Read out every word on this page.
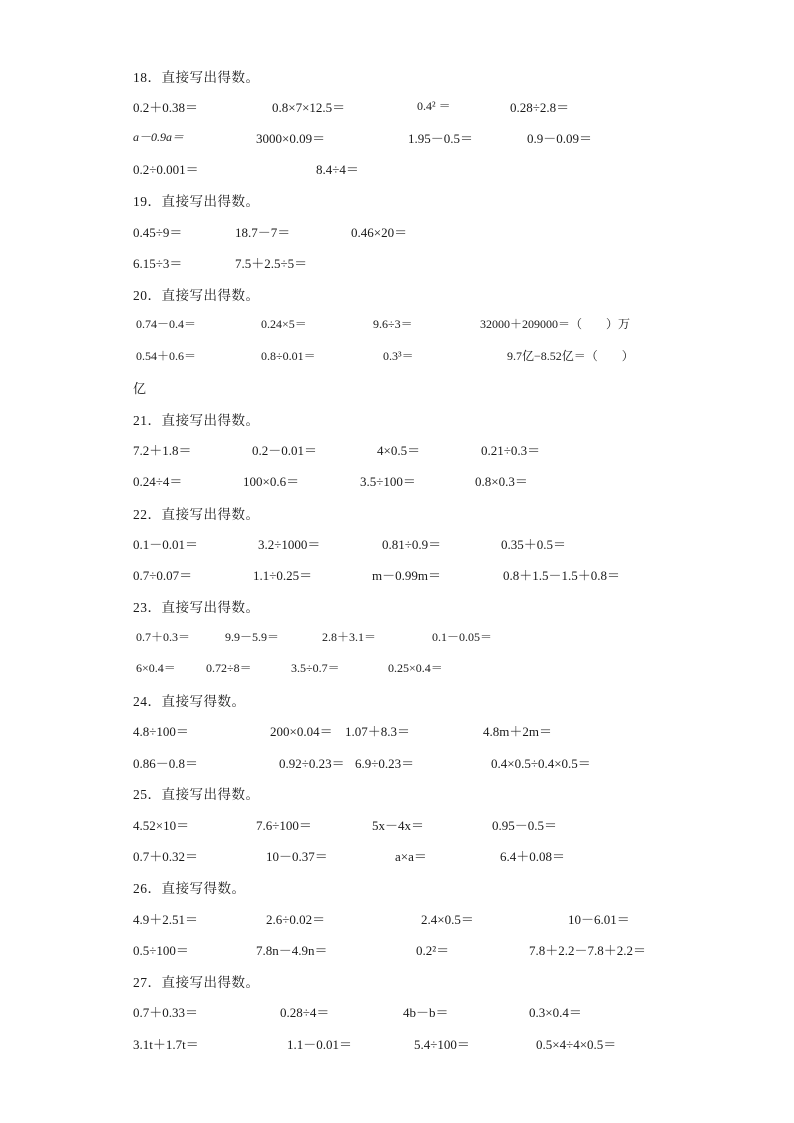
18．直接写出得数。
0.2＋0.38＝	0.8×7×12.5＝	0.4² ＝	0.28÷2.8＝
a－0.9a＝	3000×0.09＝	1.95－0.5＝	0.9－0.09＝
0.2÷0.001＝	8.4÷4＝
19．直接写出得数。
0.45÷9＝	18.7－7＝	0.46×20＝
6.15÷3＝	7.5＋2.5÷5＝
20．直接写出得数。
0.74－0.4＝	0.24×5＝	9.6÷3＝	32000＋209000＝（　　）万
0.54＋0.6＝	0.8÷0.01＝	0.3³＝	9.7亿−8.52亿＝（　　）
亿
21．直接写出得数。
7.2＋1.8＝	0.2－0.01＝	4×0.5＝	0.21÷0.3＝
0.24÷4＝	100×0.6＝	3.5÷100＝	0.8×0.3＝
22．直接写出得数。
0.1－0.01＝	3.2÷1000＝	0.81÷0.9＝	0.35＋0.5＝
0.7÷0.07＝	1.1÷0.25＝	m－0.99m＝	0.8＋1.5－1.5＋0.8＝
23．直接写出得数。
0.7＋0.3＝	9.9－5.9＝	2.8＋3.1＝	0.1－0.05＝
6×0.4＝	0.72÷8＝	3.5÷0.7＝	0.25×0.4＝
24．直接写得数。
4.8÷100＝	200×0.04＝ 1.07＋8.3＝	4.8m＋2m＝
0.86－0.8＝	0.92÷0.23＝ 6.9÷0.23＝	0.4×0.5÷0.4×0.5＝
25．直接写出得数。
4.52×10＝	7.6÷100＝	5x－4x＝	0.95－0.5＝
0.7＋0.32＝	10－0.37＝	a×a＝	6.4＋0.08＝
26．直接写得数。
4.9＋2.51＝	2.6÷0.02＝	2.4×0.5＝	10－6.01＝
0.5÷100＝	7.8n－4.9n＝	0.2²＝	7.8＋2.2－7.8＋2.2＝
27．直接写出得数。
0.7＋0.33＝	0.28÷4＝	4b－b＝	0.3×0.4＝
3.1t＋1.7t＝	1.1－0.01＝	5.4÷100＝	0.5×4÷4×0.5＝
